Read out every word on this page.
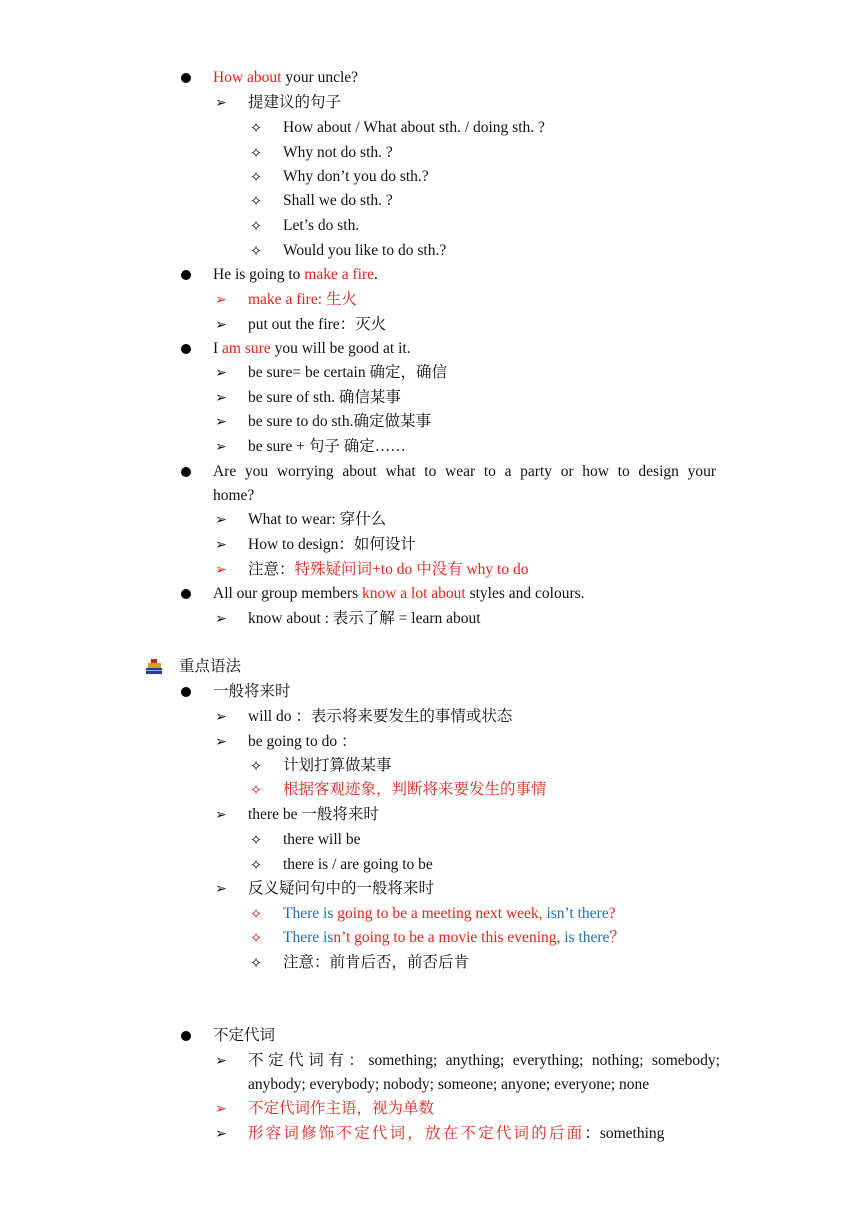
How about your uncle?
➢ 提建议的句子
✧ How about / What about sth. / doing sth. ?
✧ Why not do sth. ?
✧ Why don’t you do sth.?
✧ Shall we do sth. ?
✧ Let’s do sth.
✧ Would you like to do sth.?
He is going to make a fire.
➢ make a fire: 生火
➢ put out the fire：灭火
I am sure you will be good at it.
➢ be sure= be certain 确定，确信
➢ be sure of sth. 确信某事
➢ be sure to do sth.确定做某事
➢ be sure + 句子 确定……
Are you worrying about what to wear to a party or how to design your
home?
➢ What to wear: 穿什么
➢ How to design：如何设计
➢ 注意：特殊疑问词+to do 中没有 why to do
All our group members know a lot about styles and colours.
➢ know about : 表示了解 = learn about
重点语法
一般将来时
➢ will do ：表示将来要发生的事情或状态
➢ be going to do ：
✧ 计划打算做某事
✧ 根据客观迹象，判断将来要发生的事情
➢ there be 一般将来时
✧ there will be
✧ there is / are going to be
➢ 反义疑问句中的一般将来时
✧ There is going to be a meeting next week, isn’t there?
✧ There isn’t going to be a movie this evening, is there？
✧ 注意：前肯后否，前否后肯
不定代词
➢ 不定代词有：something; anything; everything; nothing; somebody;
anybody; everybody; nobody; someone; anyone; everyone; none
➢ 不定代词作主语，视为单数
➢ 形容词修饰不定代词，放在不定代词的后面：something
